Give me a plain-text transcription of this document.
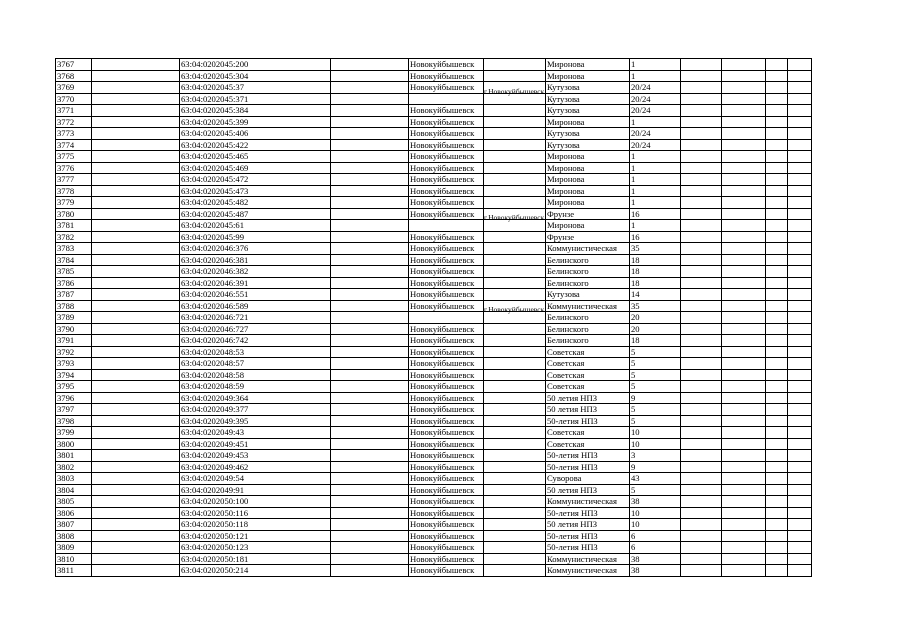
3767		63:04:0202045:200		Новокуйбышевск		Миронова	1				
3768		63:04:0202045:304		Новокуйбышевск		Миронова	1				
3769		63:04:0202045:37		Новокуйбышевск		Кутузова	20/24				
3770		63:04:0202045:371			г.Новокуйбышевск	Кутузова	20/24				
3771		63:04:0202045:384		Новокуйбышевск		Кутузова	20/24				
3772		63:04:0202045:399		Новокуйбышевск		Миронова	1				
3773		63:04:0202045:406		Новокуйбышевск		Кутузова	20/24				
3774		63:04:0202045:422		Новокуйбышевск		Кутузова	20/24				
3775		63:04:0202045:465		Новокуйбышевск		Миронова	1				
3776		63:04:0202045:469		Новокуйбышевск		Миронова	1				
3777		63:04:0202045:472		Новокуйбышевск		Миронова	1				
3778		63:04:0202045:473		Новокуйбышевск		Миронова	1				
3779		63:04:0202045:482		Новокуйбышевск		Миронова	1				
3780		63:04:0202045:487		Новокуйбышевск		Фрунзе	16				
3781		63:04:0202045:61			г.Новокуйбышевск	Миронова	1				
3782		63:04:0202045:99		Новокуйбышевск		Фрунзе	16				
3783		63:04:0202046:376		Новокуйбышевск		Коммунистическая	35				
3784		63:04:0202046:381		Новокуйбышевск		Белинского	18				
3785		63:04:0202046:382		Новокуйбышевск		Белинского	18				
3786		63:04:0202046:391		Новокуйбышевск		Белинского	18				
3787		63:04:0202046:551		Новокуйбышевск		Кутузова	14				
3788		63:04:0202046:589		Новокуйбышевск		Коммунистическая	35				
3789		63:04:0202046:721			г.Новокуйбышевск	Белинского	20				
3790		63:04:0202046:727		Новокуйбышевск		Белинского	20				
3791		63:04:0202046:742		Новокуйбышевск		Белинского	18				
3792		63:04:0202048:53		Новокуйбышевск		Советская	5				
3793		63:04:0202048:57		Новокуйбышевск		Советская	5				
3794		63:04:0202048:58		Новокуйбышевск		Советская	5				
3795		63:04:0202048:59		Новокуйбышевск		Советская	5				
3796		63:04:0202049:364		Новокуйбышевск		50 летия НПЗ	9				
3797		63:04:0202049:377		Новокуйбышевск		50 летия НПЗ	5				
3798		63:04:0202049:395		Новокуйбышевск		50-летия НПЗ	5				
3799		63:04:0202049:43		Новокуйбышевск		Советская	10				
3800		63:04:0202049:451		Новокуйбышевск		Советская	10				
3801		63:04:0202049:453		Новокуйбышевск		50-летия НПЗ	3				
3802		63:04:0202049:462		Новокуйбышевск		50-летия НПЗ	9				
3803		63:04:0202049:54		Новокуйбышевск		Суворова	43				
3804		63:04:0202049:91		Новокуйбышевск		50 летия НПЗ	5				
3805		63:04:0202050:100		Новокуйбышевск		Коммунистическая	38				
3806		63:04:0202050:116		Новокуйбышевск		50-летия НПЗ	10				
3807		63:04:0202050:118		Новокуйбышевск		50 летия НПЗ	10				
3808		63:04:0202050:121		Новокуйбышевск		50-летия НПЗ	6				
3809		63:04:0202050:123		Новокуйбышевск		50-летия НПЗ	6				
3810		63:04:0202050:181		Новокуйбышевск		Коммунистическая	38				
3811		63:04:0202050:214		Новокуйбышевск		Коммунистическая	38				
